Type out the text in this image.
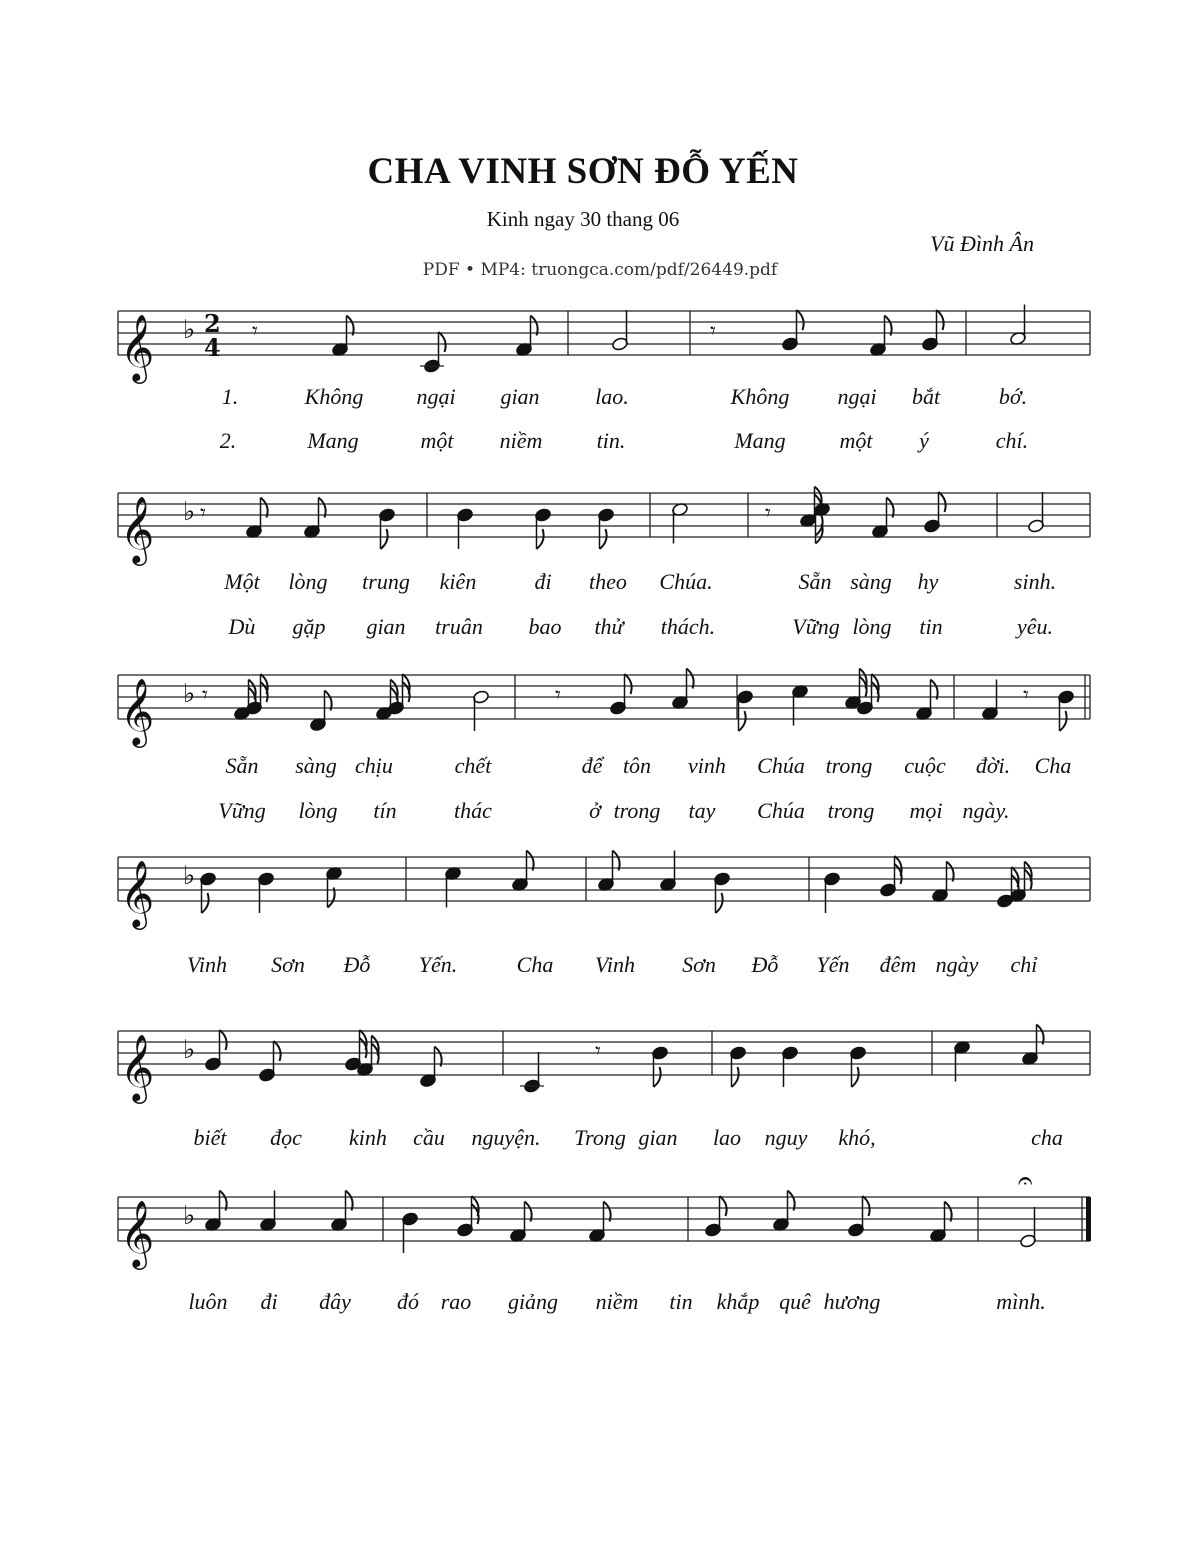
CHA VINH SƠN ĐỖ YẾN
Kinh ngay 30 thang 06
Vũ Đình Ân
PDF • MP4: truongca.com/pdf/26449.pdf
𝄞 ♭ 2
4
𝄞 ♭
𝄞 ♭
𝄞 ♭
𝄞 ♭
𝄞 ♭
𝄐
𝄾	𝄾
𝄾	𝄾
𝄾	𝄾	𝄾
𝄾
1.	Không ngại gian	lao.	Không ngại bắt	bớ.
2.	Mang	một niềm tin.	Mang một ý	chí.
Một lòng trung kiên	đi theo Chúa.	Sẵn sàng hy	sinh.
Dù gặp gian truân bao thử thách.	Vững lòng tin	yêu.
Sẵn sàng chịu	chết	để tôn vinh Chúa trong cuộc đời. Cha
Vững lòng tín	thác	ở trong tay Chúa trong mọi ngày.
Vinh Sơn Đỗ Yến.	Cha Vinh Sơn Đỗ Yến đêm ngày chỉ
biết đọc kinh cầu nguyện. Trong gian lao nguy khó,	cha
luôn đi đây đó rao giảng niềm tin khắp quê hương	mình.
